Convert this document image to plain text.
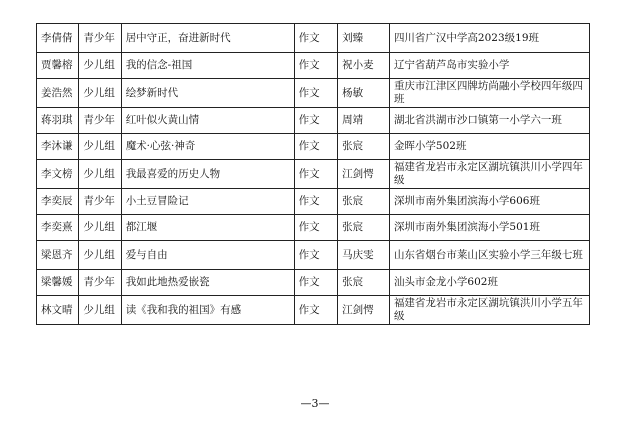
李倩倩	青少年	居中守正，奋进新时代	作文	刘臻	四川省广汉中学高2023级19班
贾馨榕	少儿组	我的信念-祖国	作文	祝小麦	辽宁省葫芦岛市实验小学
姜浩然	少儿组	绘梦新时代	作文	杨敏	重庆市江津区四牌坊尚融小学校四年级四班
蒋羽琪	青少年	红叶似火黄山情	作文	周靖	湖北省洪湖市沙口镇第一小学六一班
李沐谦	少儿组	魔术·心弦·神奇	作文	张宸	金晖小学502班
李文榜	少儿组	我最喜爱的历史人物	作文	江剑愕	福建省龙岩市永定区湖坑镇洪川小学四年级
李奕辰	青少年	小土豆冒险记	作文	张宸	深圳市南外集团滨海小学606班
李奕熹	少儿组	都江堰	作文	张宸	深圳市南外集团滨海小学501班
梁恩齐	少儿组	爱与自由	作文	马庆雯	山东省烟台市莱山区实验小学三年级七班
梁馨媛	青少年	我如此地热爱嵌瓷	作文	张宸	汕头市金龙小学602班
林文晴	少儿组	读《我和我的祖国》有感	作文	江剑愕	福建省龙岩市永定区湖坑镇洪川小学五年级
—3—
